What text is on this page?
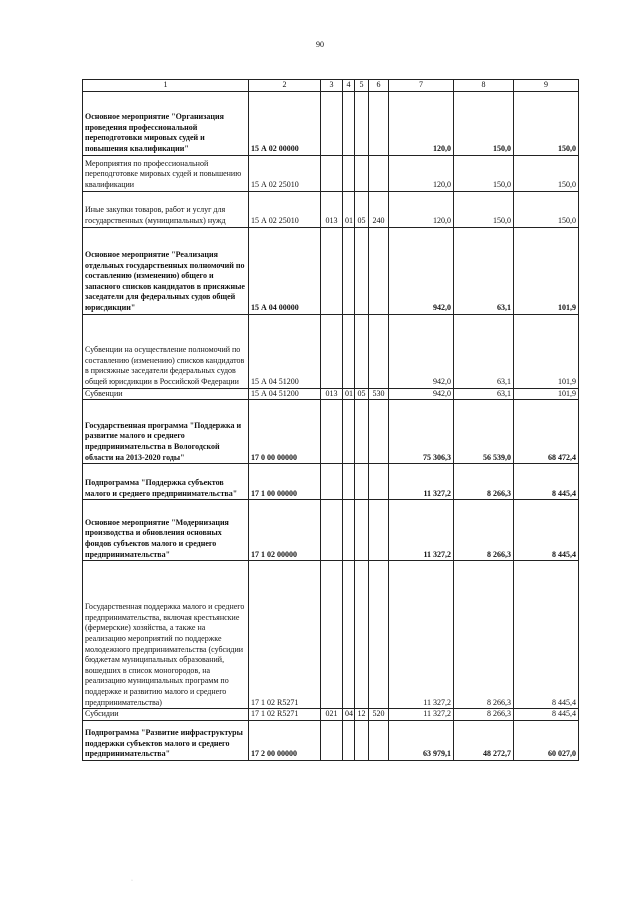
90
1	2	3	4	5	6	7	8	9
Основное мероприятие "Организация проведения профессиональной переподготовки мировых судей и повышения квалификации"	15 А 02 00000					120,0	150,0	150,0
Мероприятия по профессиональной переподготовке мировых судей и повышению квалификации	15 А 02 25010					120,0	150,0	150,0
Иные закупки товаров, работ и услуг для государственных (муниципальных) нужд	15 А 02 25010	013	01	05	240	120,0	150,0	150,0
Основное мероприятие "Реализация отдельных государственных полномочий по составлению (изменению) общего и запасного списков кандидатов в присяжные заседатели для федеральных судов общей юрисдикции"	15 А 04 00000					942,0	63,1	101,9
Субвенции на осуществление полномочий по составлению (изменению) списков кандидатов в присяжные заседатели федеральных судов общей юрисдикции в Российской Федерации	15 А 04 51200					942,0	63,1	101,9
Субвенции	15 А 04 51200	013	01	05	530	942,0	63,1	101,9
Государственная программа "Поддержка и развитие малого и среднего предпринимательства в Вологодской области на 2013-2020 годы"	17 0 00 00000					75 306,3	56 539,0	68 472,4
Подпрограмма "Поддержка субъектов малого и среднего предпринимательства"	17 1 00 00000					11 327,2	8 266,3	8 445,4
Основное мероприятие "Модернизация производства и обновления основных фондов субъектов малого и среднего предпринимательства"	17 1 02 00000					11 327,2	8 266,3	8 445,4
Государственная поддержка малого и среднего предпринимательства, включая крестьянские (фермерские) хозяйства, а также на реализацию мероприятий по поддержке молодежного предпринимательства (субсидии бюджетам муниципальных образований, вошедших в список моногородов, на реализацию муниципальных программ по поддержке и развитию малого и среднего предпринимательства)	17 1 02 R5271					11 327,2	8 266,3	8 445,4
Субсидии	17 1 02 R5271	021	04	12	520	11 327,2	8 266,3	8 445,4
Подпрограмма "Развитие инфраструктуры поддержки субъектов малого и среднего предпринимательства"	17 2 00 00000					63 979,1	48 272,7	60 027,0
·
